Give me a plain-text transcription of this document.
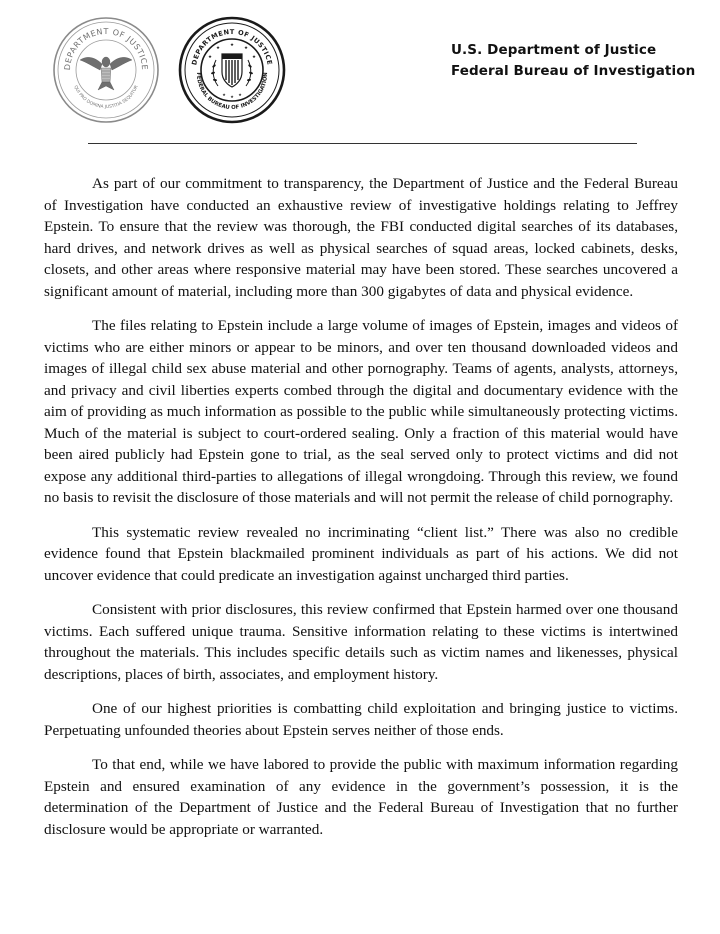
DEPARTMENT OF JUSTICE
QUI PRO DOMINA JUSTITIA SEQUITUR
DEPARTMENT OF JUSTICE
FEDERAL BUREAU OF INVESTIGATION
★
★	★
★	★
★ ★ ★
U.S. Department of Justice
Federal Bureau of Investigation

As part of our commitment to transparency, the Department of Justice and the Federal Bureau of Investigation have conducted an exhaustive review of investigative holdings relating to Jeffrey Epstein. To ensure that the review was thorough, the FBI conducted digital searches of its databases, hard drives, and network drives as well as physical searches of squad areas, locked cabinets, desks, closets, and other areas where responsive material may have been stored. These searches uncovered a significant amount of material, including more than 300 gigabytes of data and physical evidence.

The files relating to Epstein include a large volume of images of Epstein, images and videos of victims who are either minors or appear to be minors, and over ten thousand downloaded videos and images of illegal child sex abuse material and other pornography. Teams of agents, analysts, attorneys, and privacy and civil liberties experts combed through the digital and documentary evidence with the aim of providing as much information as possible to the public while simultaneously protecting victims. Much of the material is subject to court-ordered sealing. Only a fraction of this material would have been aired publicly had Epstein gone to trial, as the seal served only to protect victims and did not expose any additional third-parties to allegations of illegal wrongdoing. Through this review, we found no basis to revisit the disclosure of those materials and will not permit the release of child pornography.

This systematic review revealed no incriminating “client list.” There was also no credible evidence found that Epstein blackmailed prominent individuals as part of his actions. We did not uncover evidence that could predicate an investigation against uncharged third parties.

Consistent with prior disclosures, this review confirmed that Epstein harmed over one thousand victims. Each suffered unique trauma. Sensitive information relating to these victims is intertwined throughout the materials. This includes specific details such as victim names and likenesses, physical descriptions, places of birth, associates, and employment history.

One of our highest priorities is combatting child exploitation and bringing justice to victims. Perpetuating unfounded theories about Epstein serves neither of those ends.

To that end, while we have labored to provide the public with maximum information regarding Epstein and ensured examination of any evidence in the government’s possession, it is the determination of the Department of Justice and the Federal Bureau of Investigation that no further disclosure would be appropriate or warranted.
